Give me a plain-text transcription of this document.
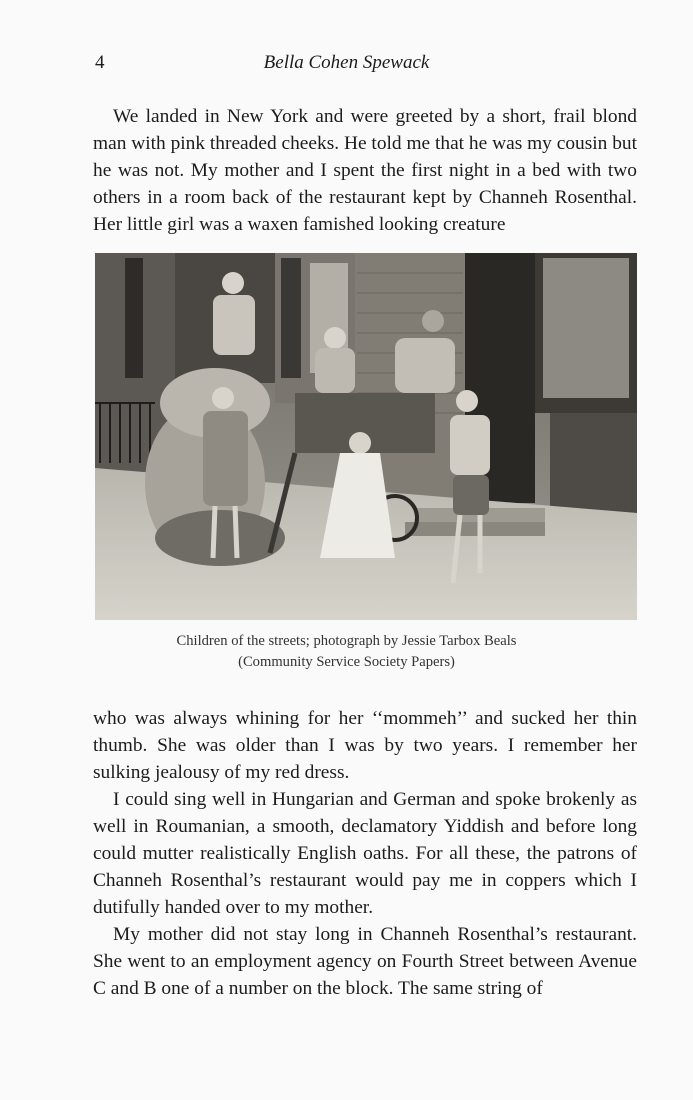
4	Bella Cohen Spewack

We landed in New York and were greeted by a short, frail blond man with pink threaded cheeks. He told me that he was my cousin but he was not. My mother and I spent the first night in a bed with two others in a room back of the restaurant kept by Channeh Rosenthal. Her little girl was a waxen famished looking creature

Children of the streets; photograph by Jessie Tarbox Beals
(Community Service Society Papers)

who was always whining for her ‘‘mommeh’’ and sucked her thin thumb. She was older than I was by two years. I remember her sulking jealousy of my red dress.

I could sing well in Hungarian and German and spoke brokenly as well in Roumanian, a smooth, declamatory Yiddish and before long could mutter realistically English oaths. For all these, the patrons of Channeh Rosenthal’s restaurant would pay me in coppers which I dutifully handed over to my mother.

My mother did not stay long in Channeh Rosenthal’s restaurant. She went to an employment agency on Fourth Street between Avenue C and B one of a number on the block. The same string of
